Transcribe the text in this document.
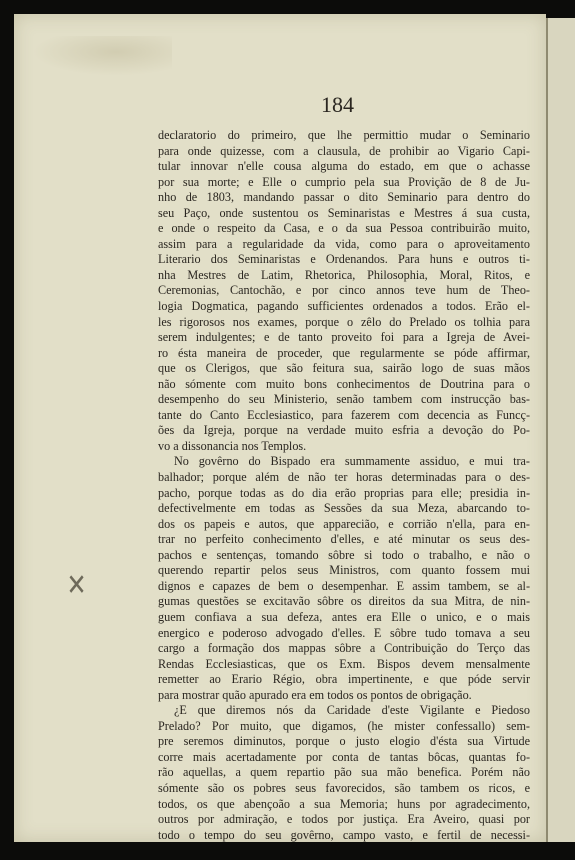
184
✕
declaratorio do primeiro, que lhe permittio mudar o Seminario
para onde quizesse, com a clausula, de prohibir ao Vigario Capi-
tular innovar n'elle cousa alguma do estado, em que o achasse
por sua morte; e Elle o cumprio pela sua Provição de 8 de Ju-
nho de 1803, mandando passar o dito Seminario para dentro do
seu Paço, onde sustentou os Seminaristas e Mestres á sua custa,
e onde o respeito da Casa, e o da sua Pessoa contribuirão muito,
assim para a regularidade da vida, como para o aproveitamento
Literario dos Seminaristas e Ordenandos. Para huns e outros ti-
nha Mestres de Latim, Rhetorica, Philosophia, Moral, Ritos, e
Ceremonias, Cantochão, e por cinco annos teve hum de Theo-
logia Dogmatica, pagando sufficientes ordenados a todos. Erão el-
les rigorosos nos exames, porque o zêlo do Prelado os tolhia para
serem indulgentes; e de tanto proveito foi para a Igreja de Avei-
ro ésta maneira de proceder, que regularmente se póde affirmar,
que os Clerigos, que são feitura sua, sairão logo de suas mãos
não sómente com muito bons conhecimentos de Doutrina para o
desempenho do seu Ministerio, senão tambem com instrucção bas-
tante do Canto Ecclesiastico, para fazerem com decencia as Funcç-
ões da Igreja, porque na verdade muito esfria a devoção do Po-
vo a dissonancia nos Templos.
No govêrno do Bispado era summamente assiduo, e mui tra-
balhador; porque além de não ter horas determinadas para o des-
pacho, porque todas as do dia erão proprias para elle; presidia in-
defectivelmente em todas as Sessões da sua Meza, abarcando to-
dos os papeis e autos, que apparecião, e corrião n'ella, para en-
trar no perfeito conhecimento d'elles, e até minutar os seus des-
pachos e sentenças, tomando sôbre si todo o trabalho, e não o
querendo repartir pelos seus Ministros, com quanto fossem mui
dignos e capazes de bem o desempenhar. E assim tambem, se al-
gumas questões se excitavão sôbre os direitos da sua Mitra, de nin-
guem confiava a sua defeza, antes era Elle o unico, e o mais
energico e poderoso advogado d'elles. E sôbre tudo tomava a seu
cargo a formação dos mappas sôbre a Contribuição do Terço das
Rendas Ecclesiasticas, que os Exm. Bispos devem mensalmente
remetter ao Erario Régio, obra impertinente, e que póde servir
para mostrar quão apurado era em todos os pontos de obrigação.
¿E que diremos nós da Caridade d'este Vigilante e Piedoso
Prelado? Por muito, que digamos, (he mister confessallo) sem-
pre seremos diminutos, porque o justo elogio d'ésta sua Virtude
corre mais acertadamente por conta de tantas bôcas, quantas fo-
rão aquellas, a quem repartio pão sua mão benefica. Porém não
sómente são os pobres seus favorecidos, são tambem os ricos, e
todos, os que abençoão a sua Memoria; huns por agradecimento,
outros por admiração, e todos por justiça. Era Aveiro, quasi por
todo o tempo do seu govêrno, campo vasto, e fertil de necessi-
